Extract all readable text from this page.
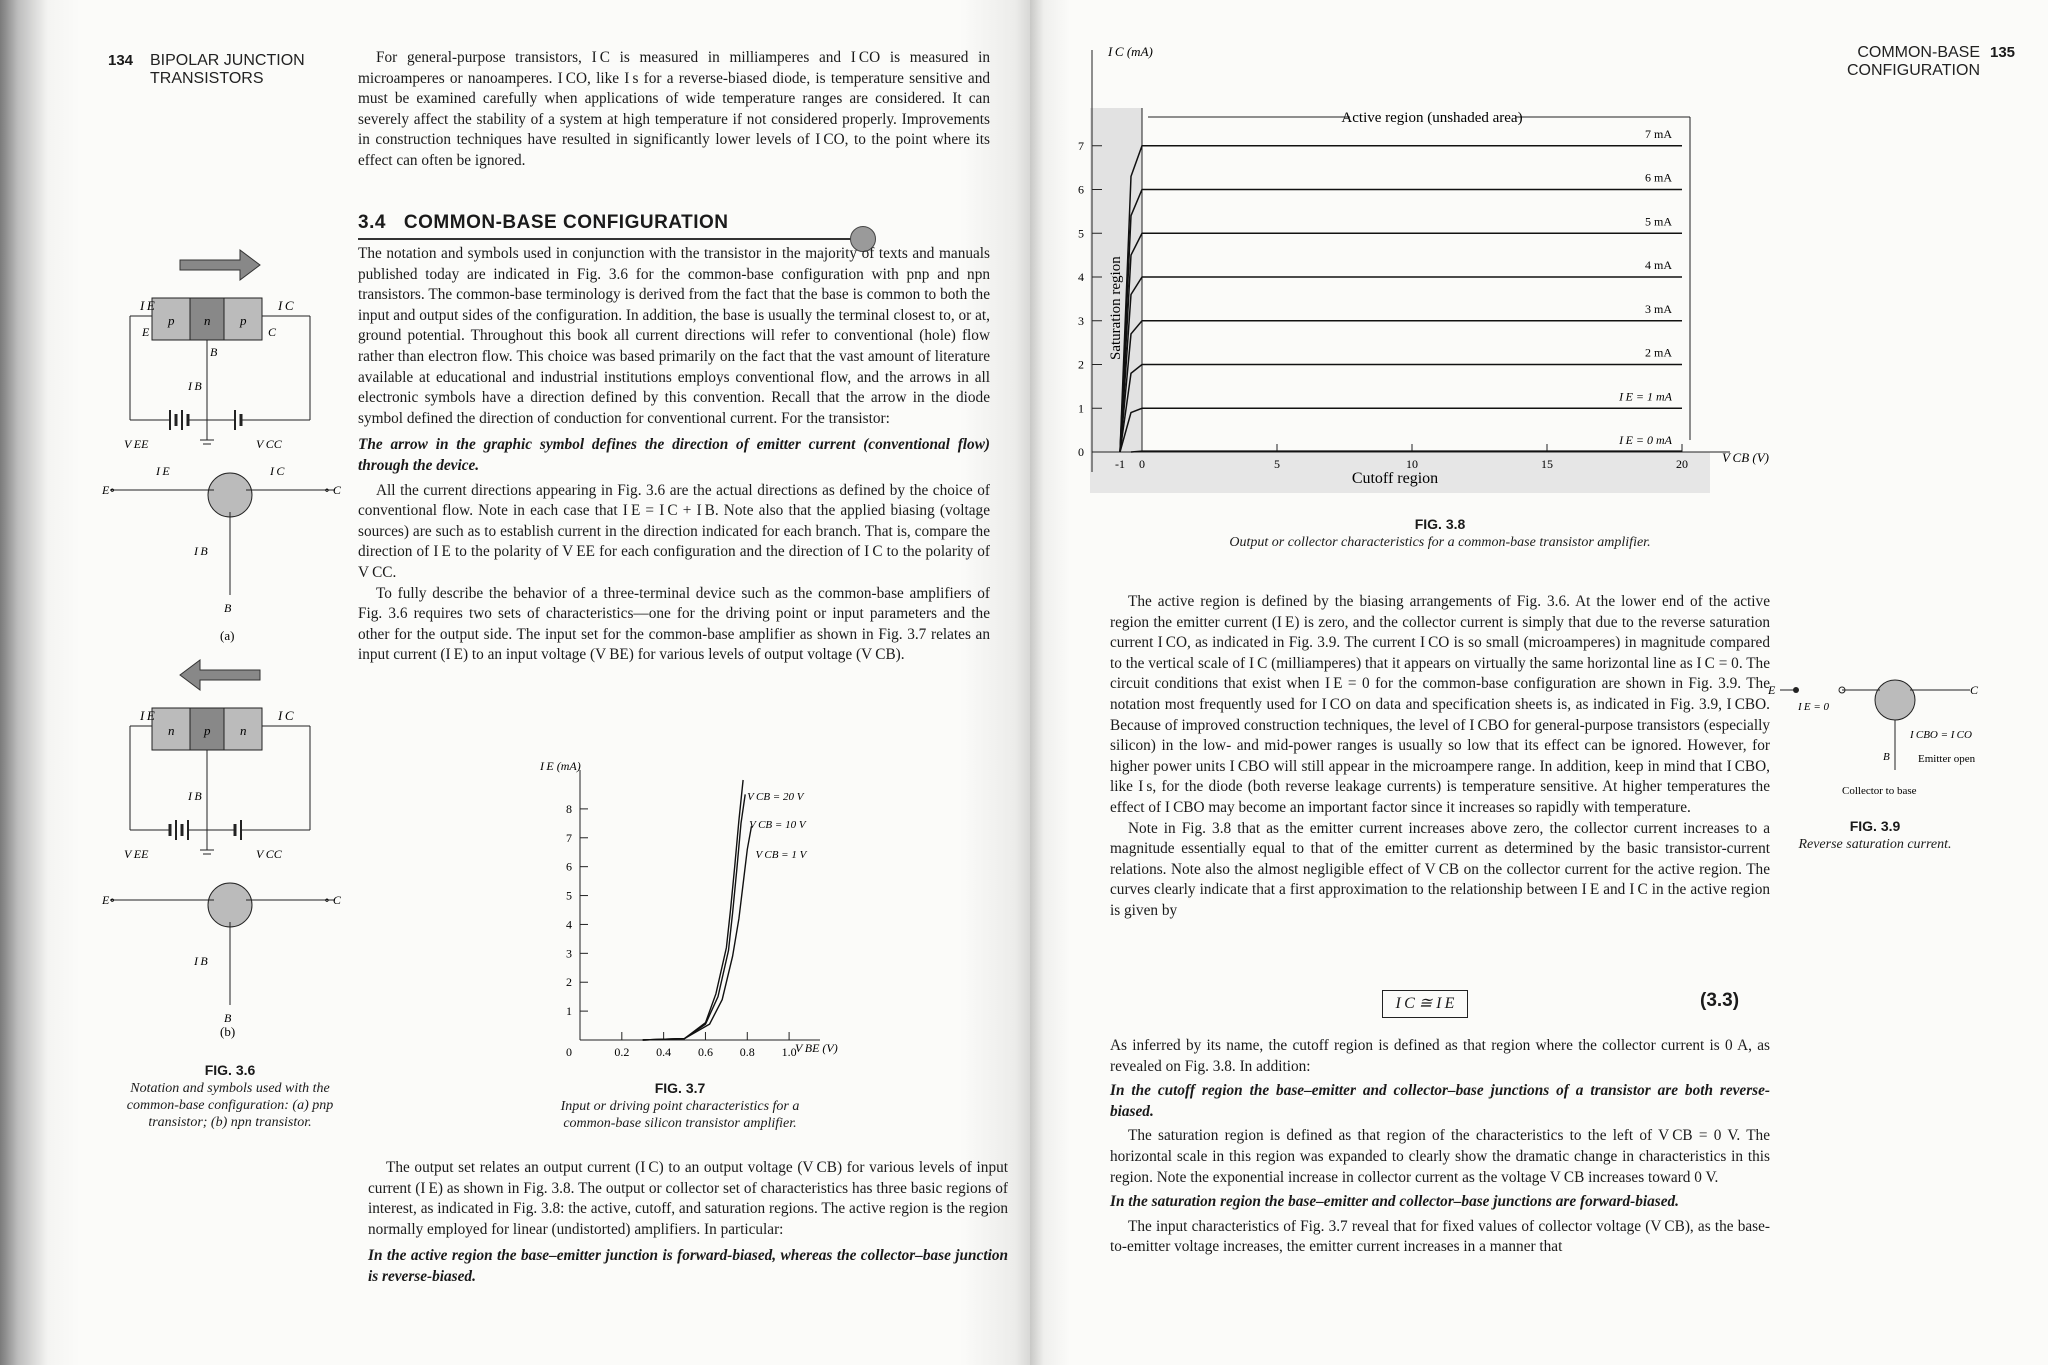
134 BIPOLAR JUNCTION TRANSISTORS

For general-purpose transistors, I C is measured in milliamperes and I CO is measured in microamperes or nanoamperes. I CO, like I s for a reverse-biased diode, is temperature sensitive and must be examined carefully when applications of wide temperature ranges are considered. It can severely affect the stability of a system at high temperature if not considered properly. Improvements in construction techniques have resulted in significantly lower levels of I CO, to the point where its effect can often be ignored.

3.4 COMMON-BASE CONFIGURATION

The notation and symbols used in conjunction with the transistor in the majority of texts and manuals published today are indicated in Fig. 3.6 for the common-base configuration with pnp and npn transistors. The common-base terminology is derived from the fact that the base is common to both the input and output sides of the configuration. In addition, the base is usually the terminal closest to, or at, ground potential. Throughout this book all current directions will refer to conventional (hole) flow rather than electron flow. This choice was based primarily on the fact that the vast amount of literature available at educational and industrial institutions employs conventional flow, and the arrows in all electronic symbols have a direction defined by this convention. Recall that the arrow in the diode symbol defined the direction of conduction for conventional current. For the transistor:

The arrow in the graphic symbol defines the direction of emitter current (conventional flow) through the device.

All the current directions appearing in Fig. 3.6 are the actual directions as defined by the choice of conventional flow. Note in each case that I E = I C + I B. Note also that the applied biasing (voltage sources) are such as to establish current in the direction indicated for each branch. That is, compare the direction of I E to the polarity of V EE for each configuration and the direction of I C to the polarity of V CC.

To fully describe the behavior of a three-terminal device such as the common-base amplifiers of Fig. 3.6 requires two sets of characteristics—one for the driving point or input parameters and the other for the output side. The input set for the common-base amplifier as shown in Fig. 3.7 relates an input current (I E) to an input voltage (V BE) for various levels of output voltage (V CB).

p n p
I E	I C
E	C
B
I B
V EE	V CC
E∘	∘ C
I E	I C
I B
B
(a)
n p n
I E	I C
I B
V EE	V CC
E∘	∘ C
I B
B
(b)
FIG. 3.6
Notation and symbols used with the common-base configuration: (a) pnp transistor; (b) npn transistor.
I E (mA)
V BE (V)
0
1
2
3
4
5
6
7
8
0.2 0.4 0.6 0.8 1.0
V CB = 20 V
V CB = 10 V
V CB = 1 V
FIG. 3.7
Input or driving point characteristics for a common-base silicon transistor amplifier.

The output set relates an output current (I C) to an output voltage (V CB) for various levels of input current (I E) as shown in Fig. 3.8. The output or collector set of characteristics has three basic regions of interest, as indicated in Fig. 3.8: the active, cutoff, and saturation regions. The active region is the region normally employed for linear (undistorted) amplifiers. In particular:

In the active region the base–emitter junction is forward-biased, whereas the collector–base junction is reverse-biased.

COMMON-BASE CONFIGURATION
135
I C (mA)
V CB (V)
Saturation region
Cutoff region
Active region (unshaded area)
0
1
2
3
4
5
6
7
-1 0	5	10	15	20
7 mA
6 mA
5 mA
4 mA
3 mA
2 mA
I E = 1 mA
I E = 0 mA
FIG. 3.8
Output or collector characteristics for a common-base transistor amplifier.

The active region is defined by the biasing arrangements of Fig. 3.6. At the lower end of the active region the emitter current (I E) is zero, and the collector current is simply that due to the reverse saturation current I CO, as indicated in Fig. 3.9. The current I CO is so small (microamperes) in magnitude compared to the vertical scale of I C (milliamperes) that it appears on virtually the same horizontal line as I C = 0. The circuit conditions that exist when I E = 0 for the common-base configuration are shown in Fig. 3.9. The notation most frequently used for I CO on data and specification sheets is, as indicated in Fig. 3.9, I CBO. Because of improved construction techniques, the level of I CBO for general-purpose transistors (especially silicon) in the low- and mid-power ranges is usually so low that its effect can be ignored. However, for higher power units I CBO will still appear in the microampere range. In addition, keep in mind that I CBO, like I s, for the diode (both reverse leakage currents) is temperature sensitive. At higher temperatures the effect of I CBO may become an important factor since it increases so rapidly with temperature.

Note in Fig. 3.8 that as the emitter current increases above zero, the collector current increases to a magnitude essentially equal to that of the emitter current as determined by the basic transistor-current relations. Note also the almost negligible effect of V CB on the collector current for the active region. The curves clearly indicate that a first approximation to the relationship between I E and I C in the active region is given by

I C ≅ I E	(3.3)

As inferred by its name, the cutoff region is defined as that region where the collector current is 0 A, as revealed on Fig. 3.8. In addition:

In the cutoff region the base–emitter and collector–base junctions of a transistor are both reverse-biased.

The saturation region is defined as that region of the characteristics to the left of V CB = 0 V. The horizontal scale in this region was expanded to clearly show the dramatic change in characteristics in this region. Note the exponential increase in collector current as the voltage V CB increases toward 0 V.

In the saturation region the base–emitter and collector–base junctions are forward-biased.

The input characteristics of Fig. 3.7 reveal that for fixed values of collector voltage (V CB), as the base-to-emitter voltage increases, the emitter current increases in a manner that

E	C
I E = 0
I CBO = I CO
B	Emitter open
Collector to base
FIG. 3.9
Reverse saturation current.
